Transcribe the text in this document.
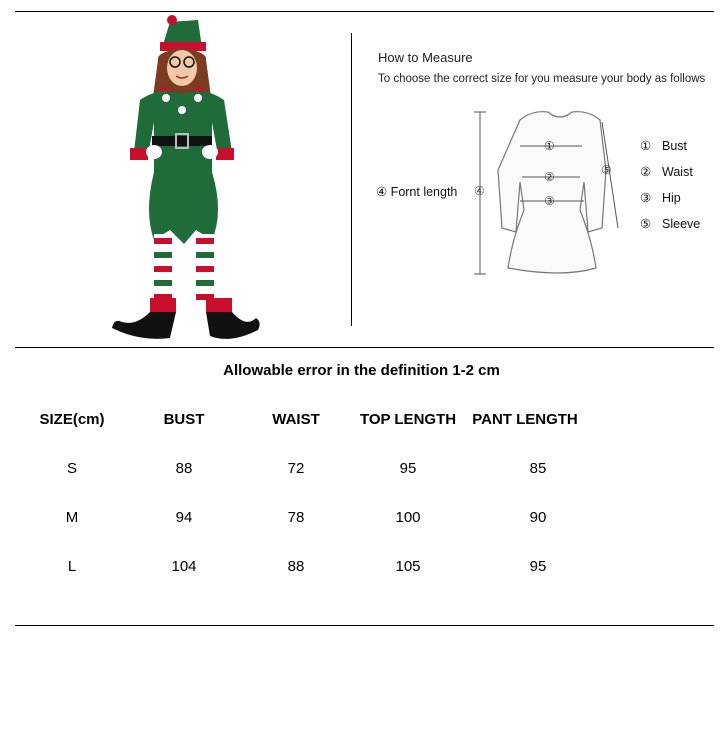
How to Measure
To choose the correct size for you measure your body as follows
①
②
③
④
⑤
④ Fornt length
① Bust
② Waist
③ Hip
⑤ Sleeve
Allowable error in the definition 1-2 cm
SIZE(cm)	BUST	WAIST	TOP LENGTH	PANT LENGTH
S	88	72	95	85
M	94	78	100	90
L	104	88	105	95
